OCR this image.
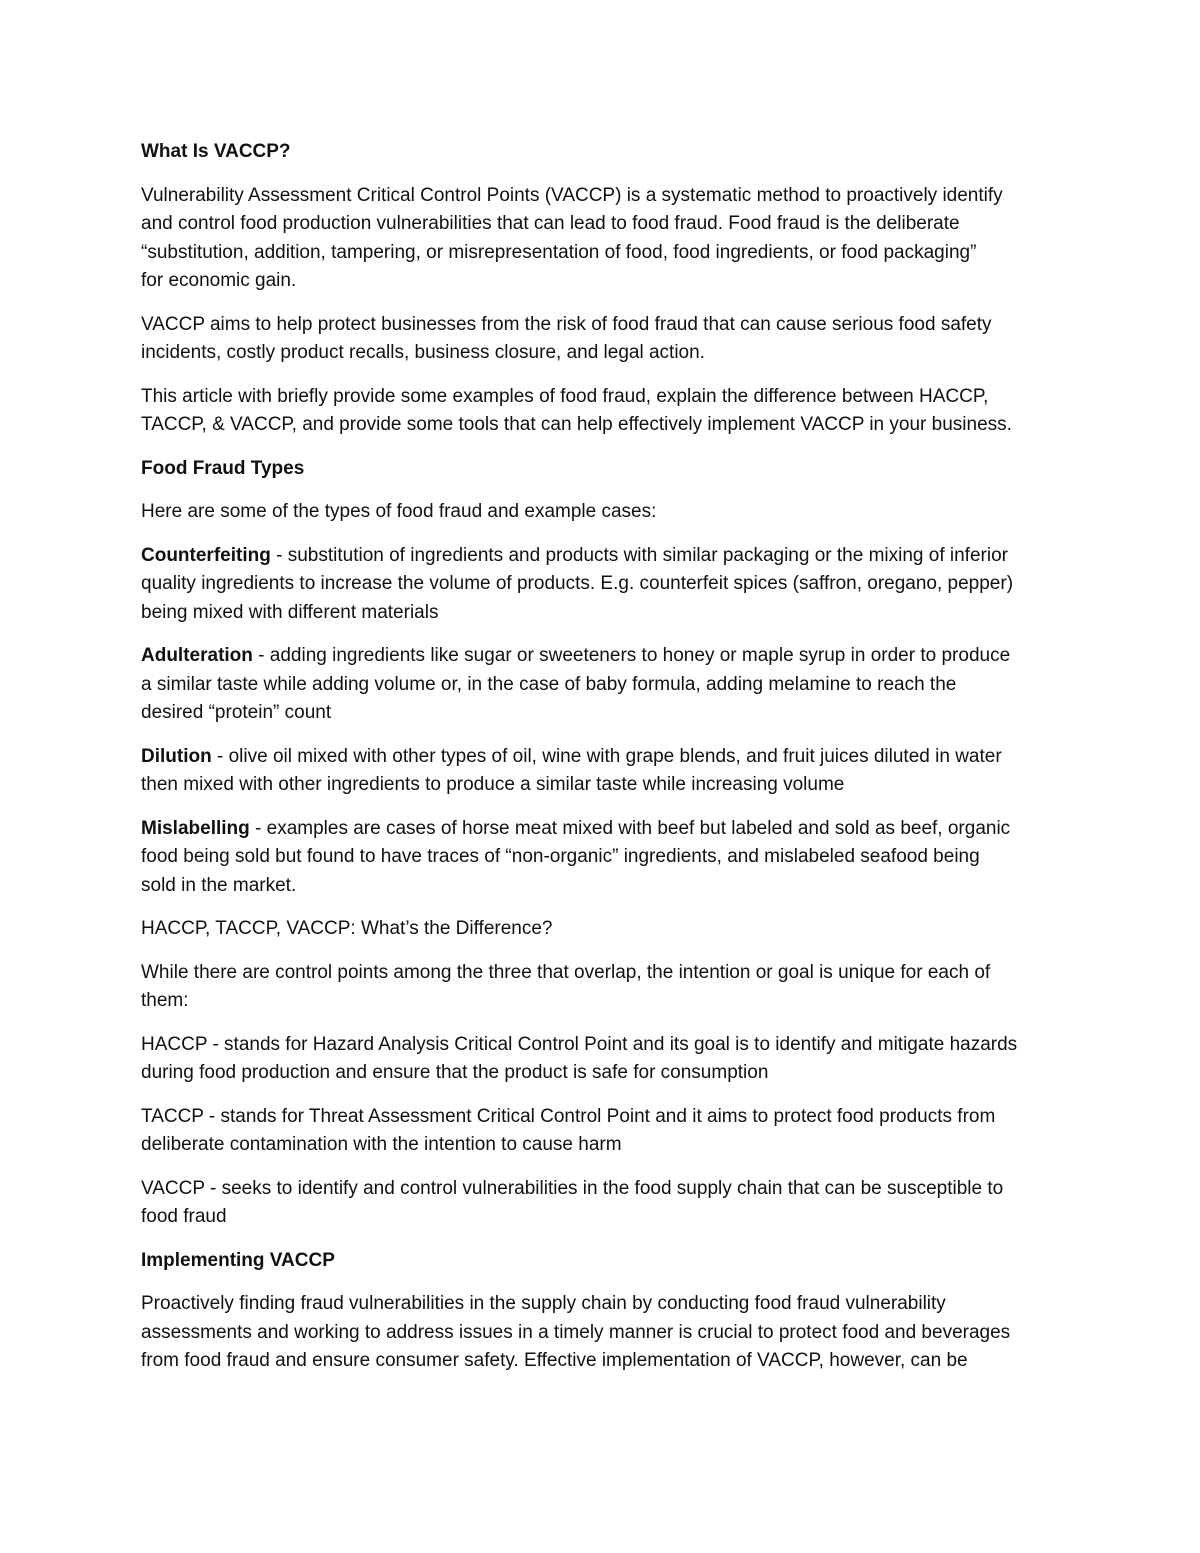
What Is VACCP?

Vulnerability Assessment Critical Control Points (VACCP) is a systematic method to proactively identify

and control food production vulnerabilities that can lead to food fraud. Food fraud is the deliberate

“substitution, addition, tampering, or misrepresentation of food, food ingredients, or food packaging”

for economic gain.

VACCP aims to help protect businesses from the risk of food fraud that can cause serious food safety

incidents, costly product recalls, business closure, and legal action.

This article with briefly provide some examples of food fraud, explain the difference between HACCP,

TACCP, & VACCP, and provide some tools that can help effectively implement VACCP in your business.

Food Fraud Types

Here are some of the types of food fraud and example cases:

Counterfeiting - substitution of ingredients and products with similar packaging or the mixing of inferior

quality ingredients to increase the volume of products. E.g. counterfeit spices (saffron, oregano, pepper)

being mixed with different materials

Adulteration - adding ingredients like sugar or sweeteners to honey or maple syrup in order to produce

a similar taste while adding volume or, in the case of baby formula, adding melamine to reach the

desired “protein” count

Dilution - olive oil mixed with other types of oil, wine with grape blends, and fruit juices diluted in water

then mixed with other ingredients to produce a similar taste while increasing volume

Mislabelling - examples are cases of horse meat mixed with beef but labeled and sold as beef, organic

food being sold but found to have traces of “non-organic” ingredients, and mislabeled seafood being

sold in the market.

HACCP, TACCP, VACCP: What’s the Difference?

While there are control points among the three that overlap, the intention or goal is unique for each of

them:

HACCP - stands for Hazard Analysis Critical Control Point and its goal is to identify and mitigate hazards

during food production and ensure that the product is safe for consumption

TACCP - stands for Threat Assessment Critical Control Point and it aims to protect food products from

deliberate contamination with the intention to cause harm

VACCP - seeks to identify and control vulnerabilities in the food supply chain that can be susceptible to

food fraud

Implementing VACCP

Proactively finding fraud vulnerabilities in the supply chain by conducting food fraud vulnerability

assessments and working to address issues in a timely manner is crucial to protect food and beverages

from food fraud and ensure consumer safety. Effective implementation of VACCP, however, can be
